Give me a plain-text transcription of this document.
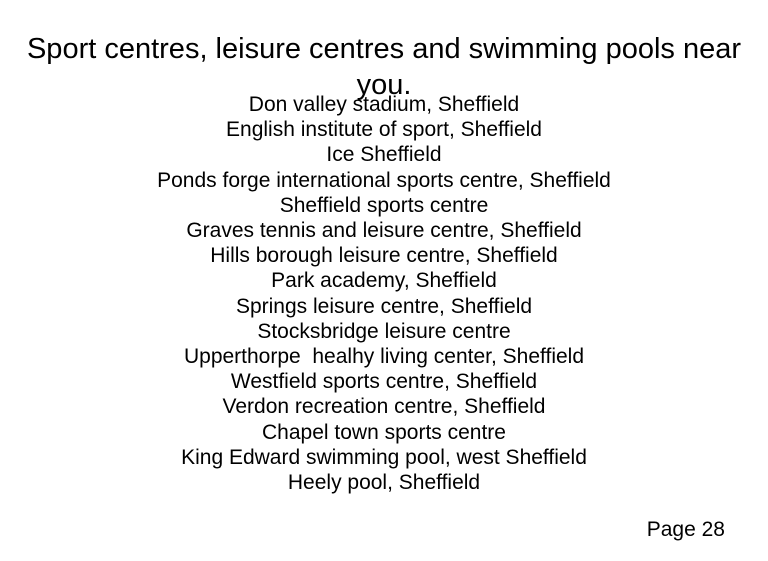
Sport centres, leisure centres and swimming pools near you.
Don valley stadium, Sheffield
English institute of sport, Sheffield
Ice Sheffield
Ponds forge international sports centre, Sheffield
Sheffield sports centre
Graves tennis and leisure centre, Sheffield
Hills borough leisure centre, Sheffield
Park academy, Sheffield
Springs leisure centre, Sheffield
Stocksbridge leisure centre
Upperthorpe  healhy living center, Sheffield
Westfield sports centre, Sheffield
Verdon recreation centre, Sheffield
Chapel town sports centre
King Edward swimming pool, west Sheffield
Heely pool, Sheffield
Page 28
